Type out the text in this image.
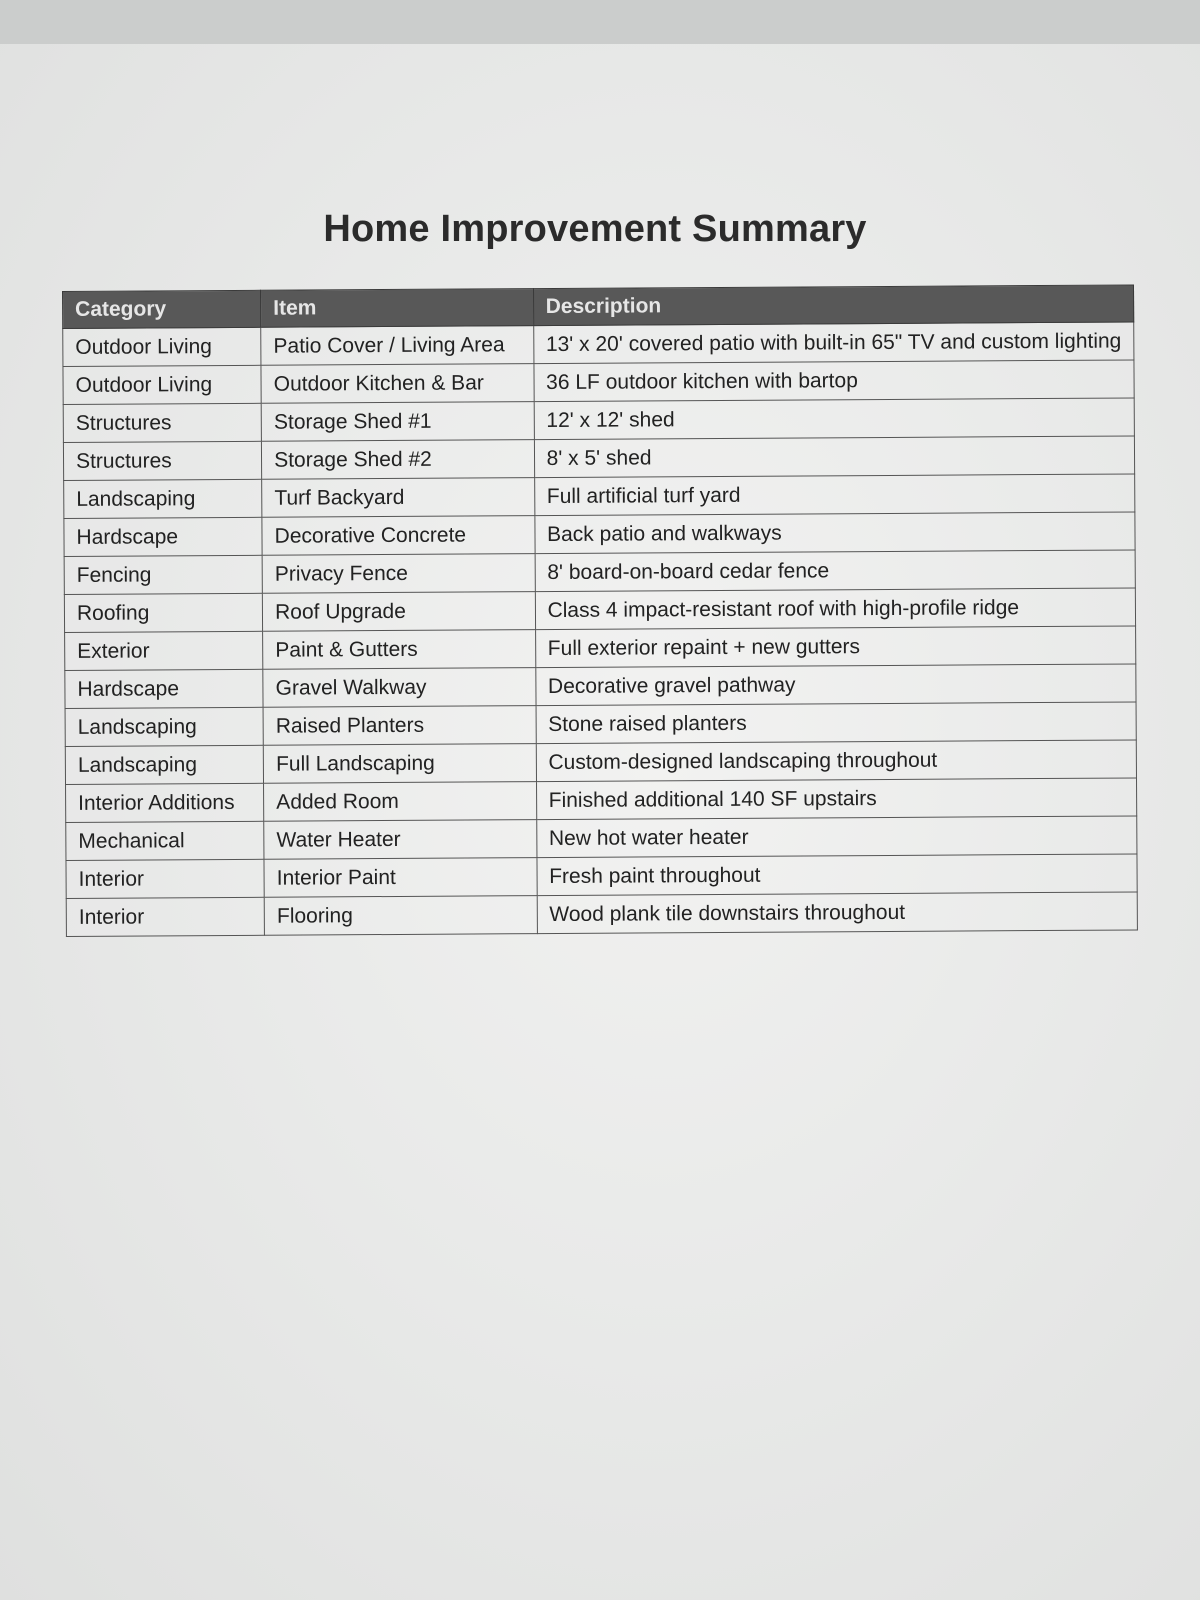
Home Improvement Summary
Category	Item	Description
Outdoor Living	Patio Cover / Living Area	13' x 20' covered patio with built-in 65" TV and custom lighting
Outdoor Living	Outdoor Kitchen & Bar	36 LF outdoor kitchen with bartop
Structures	Storage Shed #1	12' x 12' shed
Structures	Storage Shed #2	8' x 5' shed
Landscaping	Turf Backyard	Full artificial turf yard
Hardscape	Decorative Concrete	Back patio and walkways
Fencing	Privacy Fence	8' board-on-board cedar fence
Roofing	Roof Upgrade	Class 4 impact-resistant roof with high-profile ridge
Exterior	Paint & Gutters	Full exterior repaint + new gutters
Hardscape	Gravel Walkway	Decorative gravel pathway
Landscaping	Raised Planters	Stone raised planters
Landscaping	Full Landscaping	Custom-designed landscaping throughout
Interior Additions	Added Room	Finished additional 140 SF upstairs
Mechanical	Water Heater	New hot water heater
Interior	Interior Paint	Fresh paint throughout
Interior	Flooring	Wood plank tile downstairs throughout
